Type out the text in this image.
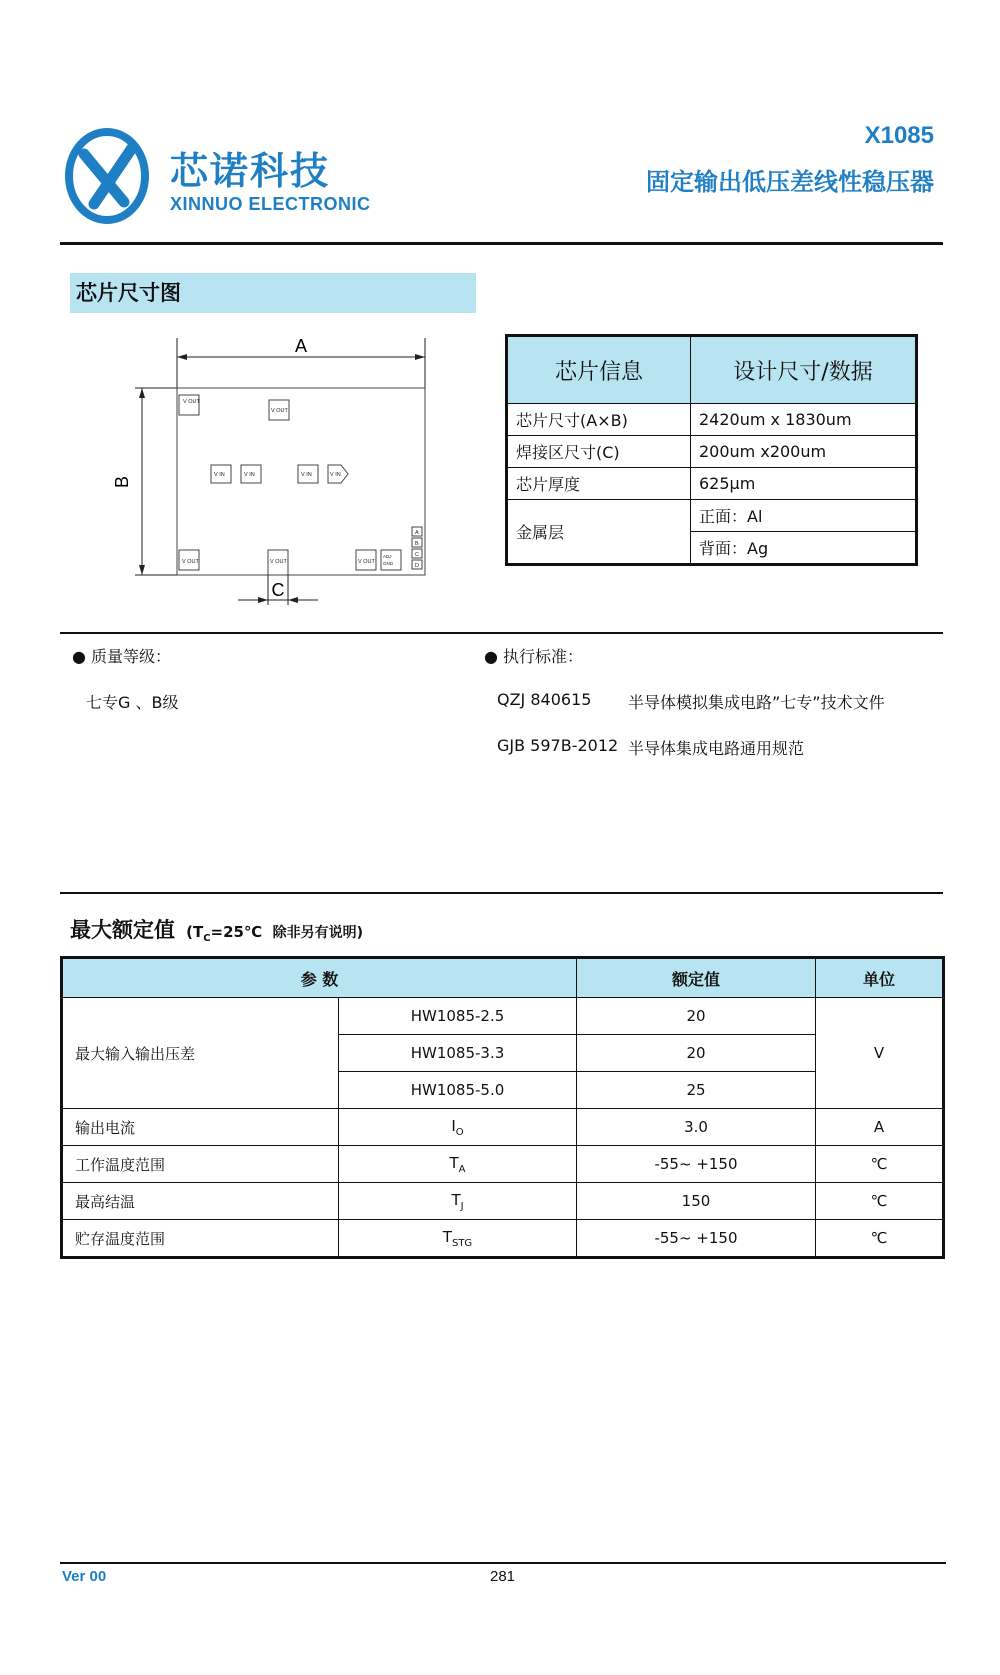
芯诺科技
XINNUO ELECTRONIC
X1085
固定输出低压差线性稳压器
芯片尺寸图
A
B
V OUT
V OUT
V IN	V IN	V IN	V IN
V OUT	V OUT	V OUT
ADJ
GND
A
B
C
D
C
芯片信息	设计尺寸/数据
芯片尺寸(A×B)	2420um x 1830um
焊接区尺寸(C)	200um x200um
芯片厚度	625μm
金属层	正面：Al
	背面：Ag
● 质量等级：
七专G 、B级
● 执行标准：
QZJ 840615 半导体模拟集成电路”七专”技术文件
GJB 597B-2012 半导体集成电路通用规范
最大额定值 ($T_C=25℃$ 除非另有说明)
参 数		额定值	单位
最大输入输出压差	HW1085-2.5	20	V
	HW1085-3.3	20	
	HW1085-5.0	25	
输出电流	$I_O$	3.0	A
工作温度范围	$T_A$	-55~ +150	℃
最高结温	$T_J$	150	℃
贮存温度范围	$T_{STG}$	-55~ +150	℃
Ver 00	281
